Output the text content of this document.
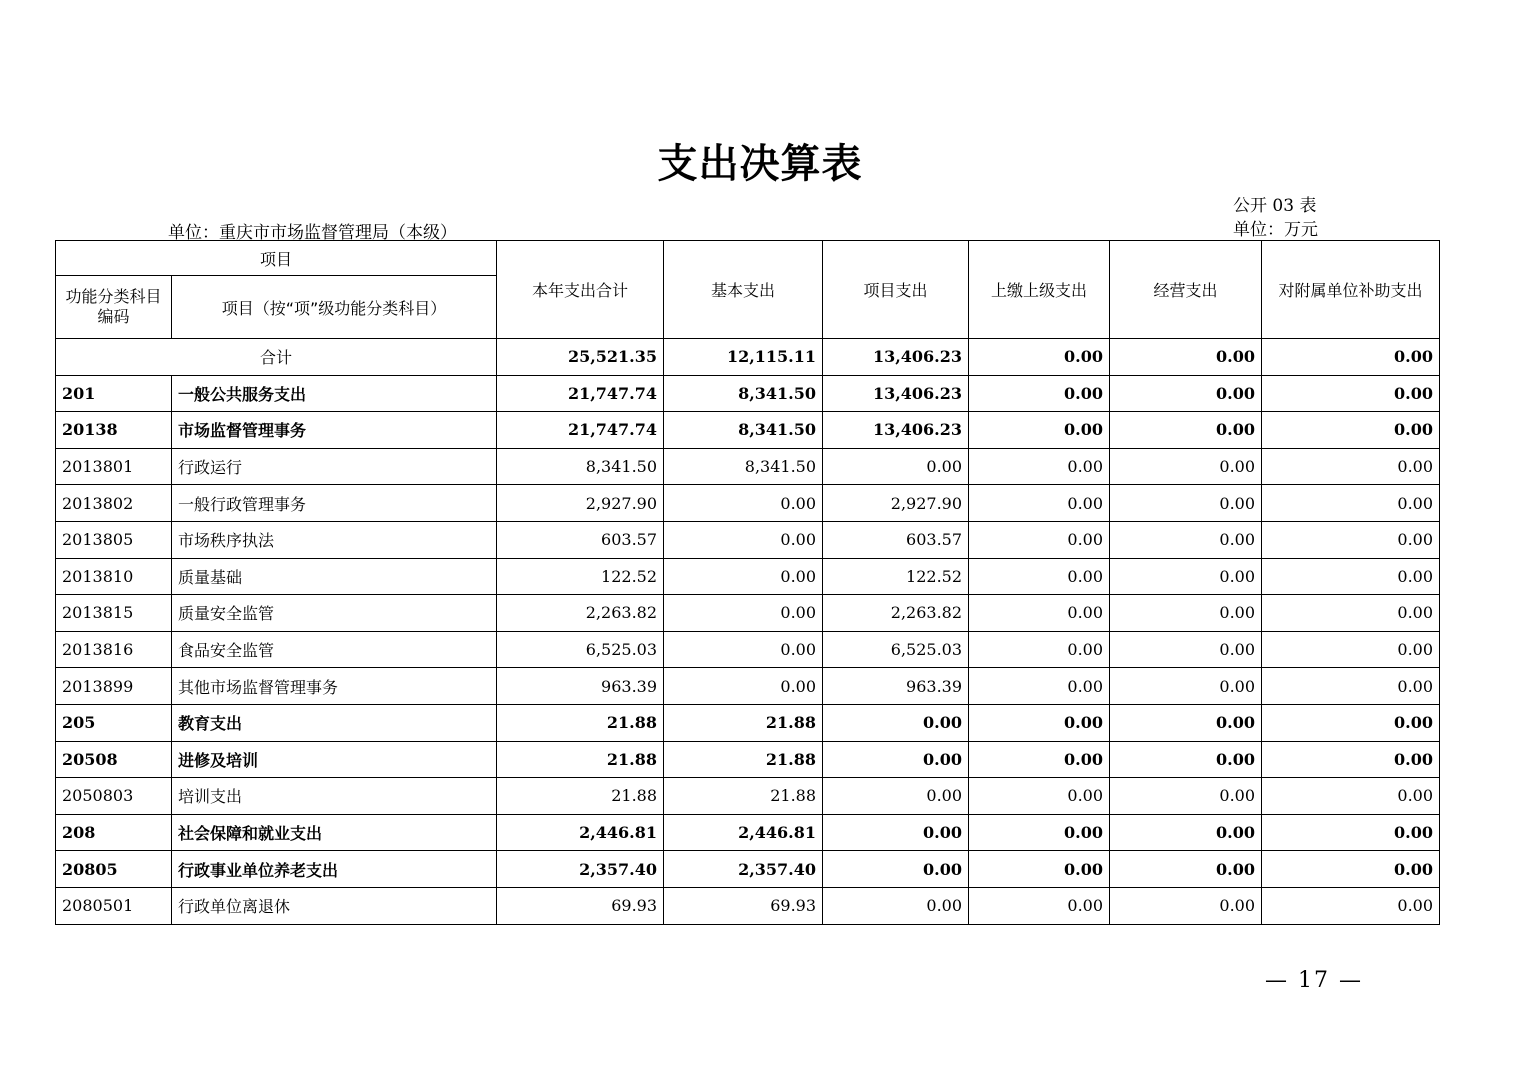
支出决算表
单位：重庆市市场监督管理局（本级）
公开 03 表
单位：万元
项目		本年支出合计	基本支出	项目支出	上缴上级支出	经营支出	对附属单位补助支出
功能分类科目编码	项目（按“项”级功能分类科目）						
合计		25,521.35	12,115.11	13,406.23	0.00	0.00	0.00
201	一般公共服务支出	21,747.74	8,341.50	13,406.23	0.00	0.00	0.00
20138	市场监督管理事务	21,747.74	8,341.50	13,406.23	0.00	0.00	0.00
2013801	行政运行	8,341.50	8,341.50	0.00	0.00	0.00	0.00
2013802	一般行政管理事务	2,927.90	0.00	2,927.90	0.00	0.00	0.00
2013805	市场秩序执法	603.57	0.00	603.57	0.00	0.00	0.00
2013810	质量基础	122.52	0.00	122.52	0.00	0.00	0.00
2013815	质量安全监管	2,263.82	0.00	2,263.82	0.00	0.00	0.00
2013816	食品安全监管	6,525.03	0.00	6,525.03	0.00	0.00	0.00
2013899	其他市场监督管理事务	963.39	0.00	963.39	0.00	0.00	0.00
205	教育支出	21.88	21.88	0.00	0.00	0.00	0.00
20508	进修及培训	21.88	21.88	0.00	0.00	0.00	0.00
2050803	培训支出	21.88	21.88	0.00	0.00	0.00	0.00
208	社会保障和就业支出	2,446.81	2,446.81	0.00	0.00	0.00	0.00
20805	行政事业单位养老支出	2,357.40	2,357.40	0.00	0.00	0.00	0.00
2080501	行政单位离退休	69.93	69.93	0.00	0.00	0.00	0.00
— 17 —
